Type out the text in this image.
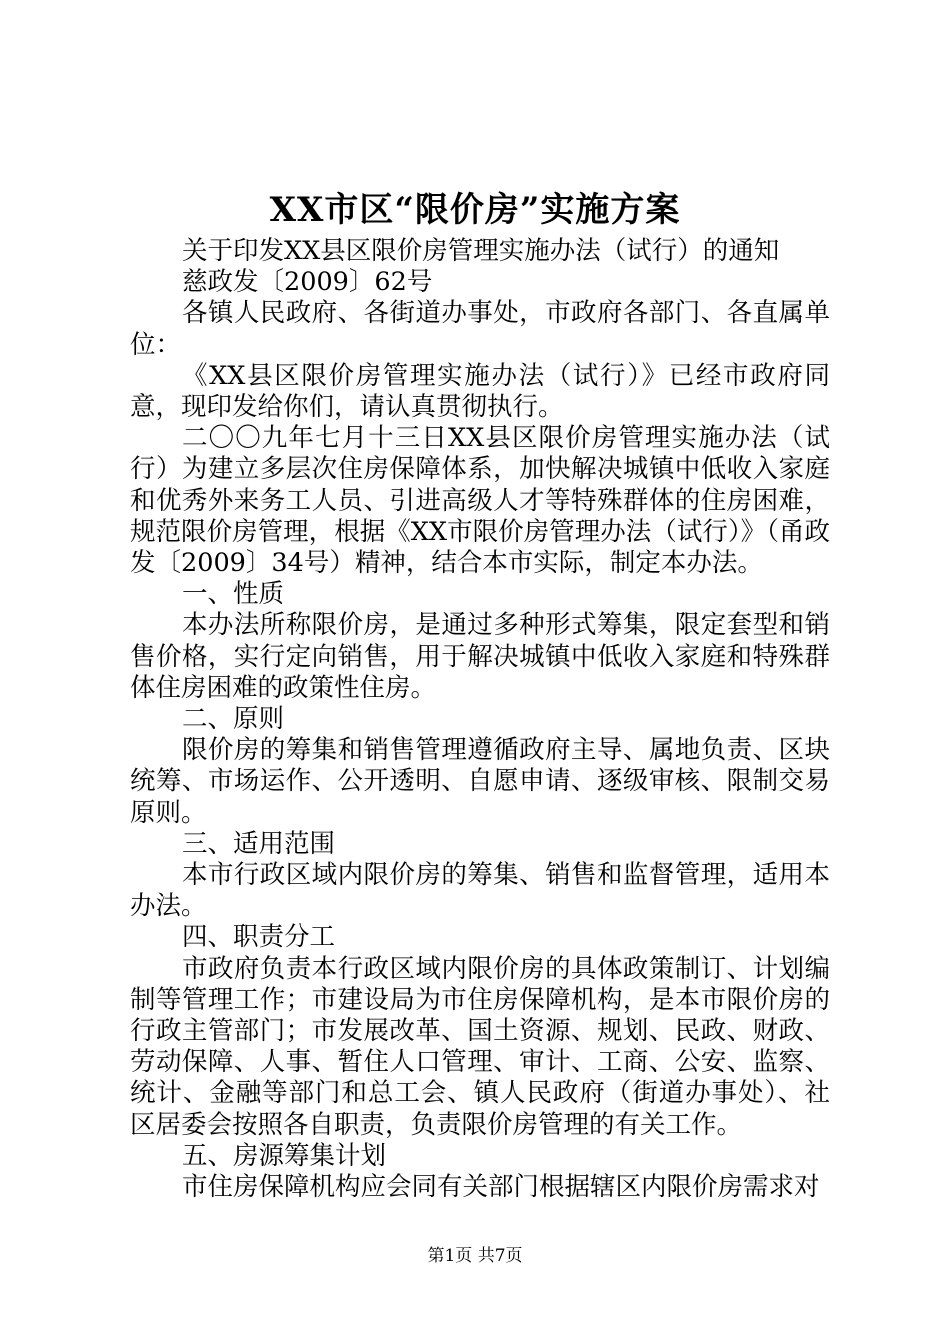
XX市区“限价房”实施方案

关于印发XX县区限价房管理实施办法（试行）的通知

慈政发〔2009〕62号

各镇人民政府、各街道办事处，市政府各部门、各直属单位：

《XX县区限价房管理实施办法（试行）》已经市政府同意，现印发给你们，请认真贯彻执行。

二〇〇九年七月十三日XX县区限价房管理实施办法（试行）为建立多层次住房保障体系，加快解决城镇中低收入家庭和优秀外来务工人员、引进高级人才等特殊群体的住房困难，规范限价房管理，根据《XX市限价房管理办法（试行）》（甬政发〔2009〕34号）精神，结合本市实际，制定本办法。

一、性质

本办法所称限价房，是通过多种形式筹集，限定套型和销售价格，实行定向销售，用于解决城镇中低收入家庭和特殊群体住房困难的政策性住房。

二、原则

限价房的筹集和销售管理遵循政府主导、属地负责、区块统筹、市场运作、公开透明、自愿申请、逐级审核、限制交易原则。

三、适用范围

本市行政区域内限价房的筹集、销售和监督管理，适用本办法。

四、职责分工

市政府负责本行政区域内限价房的具体政策制订、计划编制等管理工作；市建设局为市住房保障机构，是本市限价房的行政主管部门；市发展改革、国土资源、规划、民政、财政、劳动保障、人事、暂住人口管理、审计、工商、公安、监察、统计、金融等部门和总工会、镇人民政府（街道办事处）、社区居委会按照各自职责，负责限价房管理的有关工作。

五、房源筹集计划

市住房保障机构应会同有关部门根据辖区内限价房需求对

第1页 共7页
